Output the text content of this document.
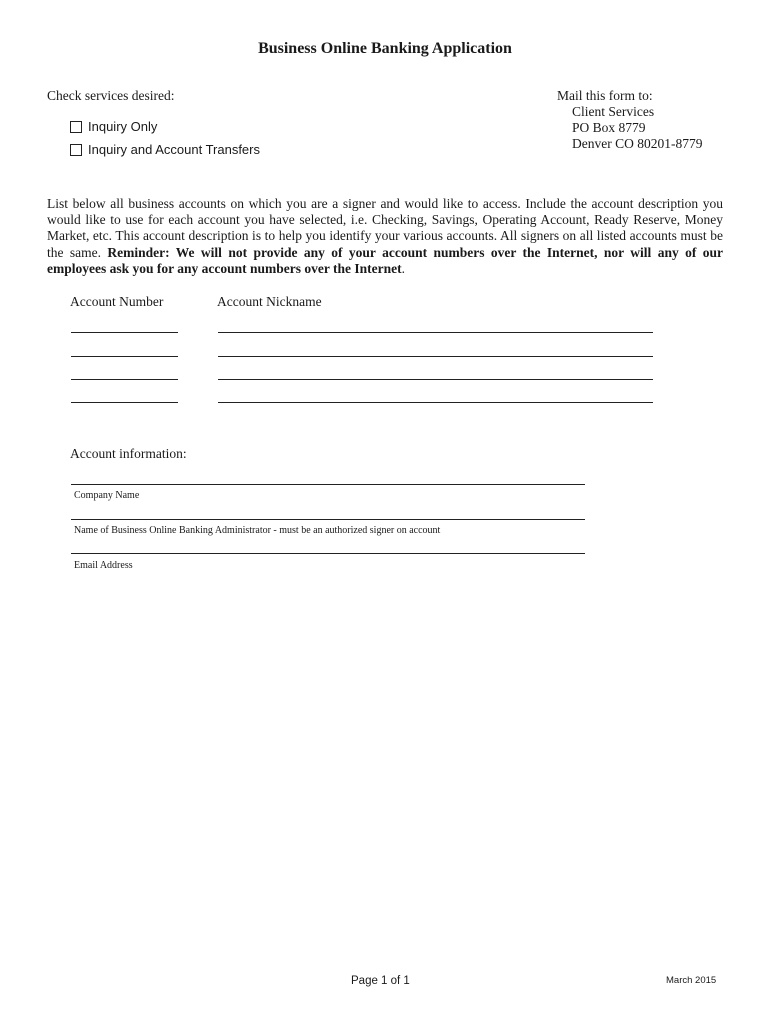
Business Online Banking Application
Check services desired:
Inquiry Only
Inquiry and Account Transfers
Mail this form to:
Client Services
PO Box 8779
Denver CO 80201-8779
List below all business accounts on which you are a signer and would like to access. Include the account description you would like to use for each account you have selected, i.e. Checking, Savings, Operating Account, Ready Reserve, Money Market, etc. This account description is to help you identify your various accounts. All signers on all listed accounts must be the same. Reminder: We will not provide any of your account numbers over the Internet, nor will any of our employees ask you for any account numbers over the Internet.
Account Number	Account Nickname
Account information:
Company Name
Name of Business Online Banking Administrator - must be an authorized signer on account
Email Address
Page 1 of 1	March 2015
